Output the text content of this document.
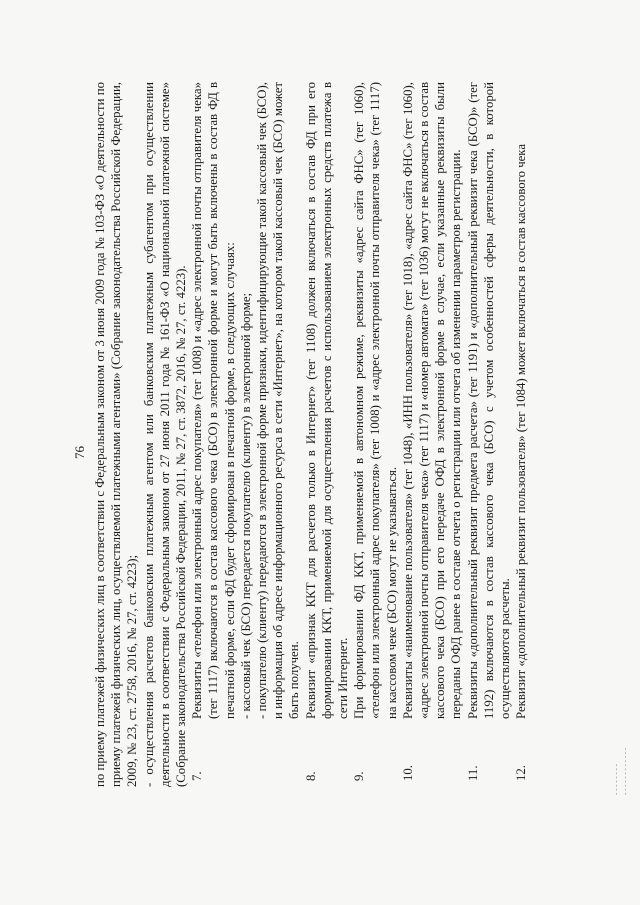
76 по приему платежей физических лиц в соответствии с Федеральным законом от 3 июня 2009 года № 103-ФЗ «О деятельности по приему платежей физических лиц, осуществляемой платежными агентами» (Собрание законодательства Российской Федерации, 2009, № 23, ст. 2758, 2016, № 27, ст. 4223); - осуществления расчетов банковским платежным агентом или банковским платежным субагентом при осуществлении деятельности в соответствии с Федеральным законом от 27 июня 2011 года № 161-ФЗ «О национальной платежной системе» (Собрание законодательства Российской Федерации, 2011, № 27, ст. 3872, 2016, № 27, ст. 4223). 7.

Реквизиты «телефон или электронный адрес покупателя» (тег 1008) и «адрес электронной почты отправителя чека» (тег 1117) включаются в состав кассового чека (БСО) в электронной форме и могут быть включены в состав ФД в печатной форме, если ФД будет сформирован в печатной форме, в следующих случаях: - кассовый чек (БСО) передается покупателю (клиенту) в электронной форме; - покупателю (клиенту) передаются в электронной форме признаки, идентифицирующие такой кассовый чек (БСО), и информация об адресе информационного ресурса в сети «Интернет», на котором такой кассовый чек (БСО) может быть получен.

8.

Реквизит «признак ККТ для расчетов только в Интернет» (тег 1108) должен включаться в состав ФД при его формировании ККТ, применяемой для осуществления расчетов с использованием электронных средств платежа в сети Интернет.

9.

При формировании ФД ККТ, применяемой в автономном режиме, реквизиты «адрес сайта ФНС» (тег 1060), «телефон или электронный адрес покупателя» (тег 1008) и «адрес электронной почты отправителя чека» (тег 1117) на кассовом чеке (БСО) могут не указываться.

10.

Реквизиты «наименование пользователя» (тег 1048), «ИНН пользователя» (тег 1018), «адрес сайта ФНС» (тег 1060), «адрес электронной почты отправителя чека» (тег 1117) и «номер автомата» (тег 1036) могут не включаться в состав кассового чека (БСО) при его передаче ОФД в электронной форме в случае, если указанные реквизиты были переданы ОФД ранее в составе отчета о регистрации или отчета об изменении параметров регистрации.

11.

Реквизиты «дополнительный реквизит предмета расчета» (тег 1191) и «дополнительный реквизит чека (БСО)» (тег 1192) включаются в состав кассового чека (БСО) с учетом особенностей сферы деятельности, в которой осуществляются расчеты.

12.

Реквизит «дополнительный реквизит пользователя» (тег 1084) может включаться в состав кассового чека

- - - - - - - - - - - - - - - - - - - -
